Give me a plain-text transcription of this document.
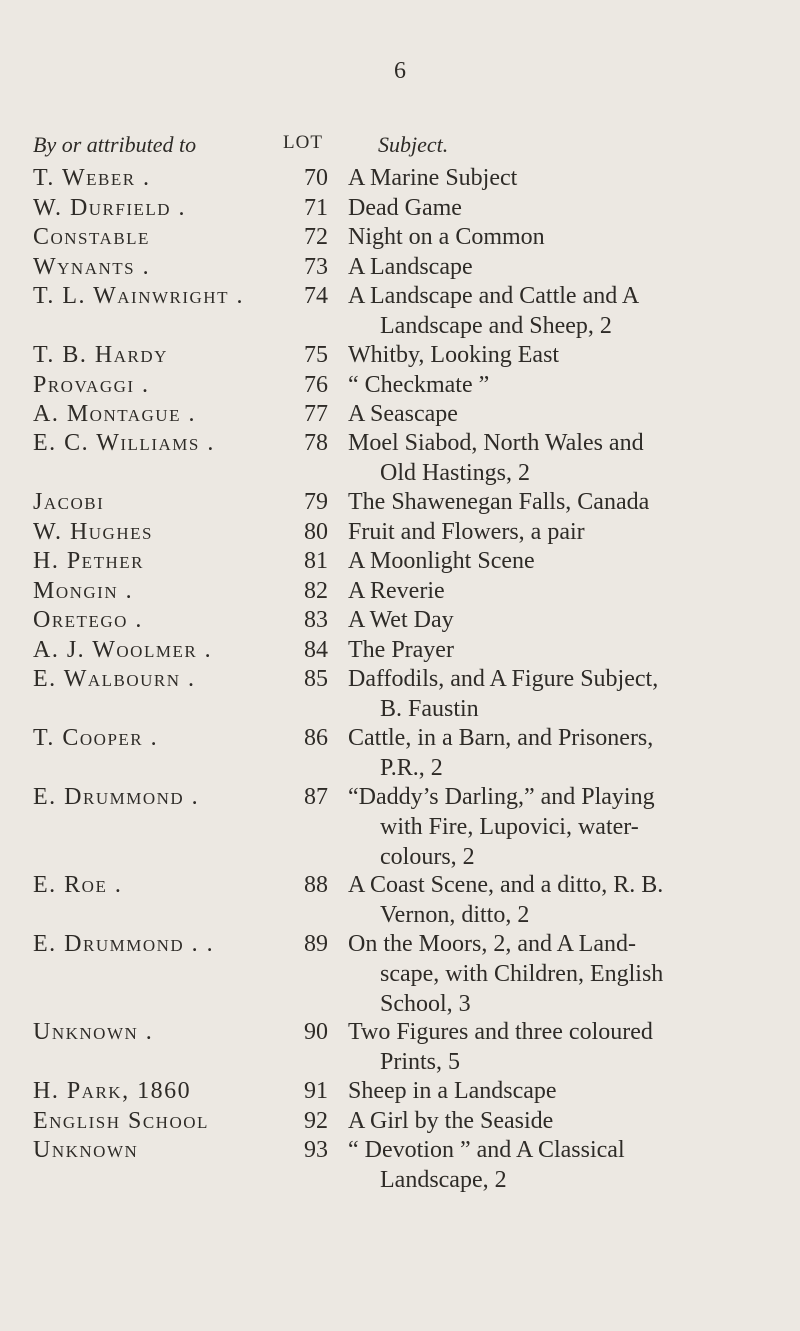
6
By or attributed to	LOT	Subject.
T. Weber .	70 A Marine Subject
W. Durfield .	71 Dead Game
Constable	72 Night on a Common
Wynants .	73 A Landscape
T. L. Wainwright .	74 A Landscape and Cattle and A
Landscape and Sheep, 2
T. B. Hardy	75 Whitby, Looking East
Provaggi .	76 “ Checkmate ”
A. Montague .	77 A Seascape
E. C. Williams .	78 Moel Siabod, North Wales and
Old Hastings, 2
Jacobi	79 The Shawenegan Falls, Canada
W. Hughes	80 Fruit and Flowers, a pair
H. Pether	81 A Moonlight Scene
Mongin .	82 A Reverie
Oretego .	83 A Wet Day
A. J. Woolmer .	84 The Prayer
E. Walbourn .	85 Daffodils, and A Figure Subject,
B. Faustin
T. Cooper .	86 Cattle, in a Barn, and Prisoners,
P.R., 2
E. Drummond .	87 “Daddy’s Darling,” and Playing
with Fire, Lupovici, water-
colours, 2
E. Roe .	88 A Coast Scene, and a ditto, R. B.
Vernon, ditto, 2
E. Drummond . .	89 On the Moors, 2, and A Land-
scape, with Children, English
School, 3
Unknown .	90 Two Figures and three coloured
Prints, 5
H. Park, 1860	91 Sheep in a Landscape
English School	92 A Girl by the Seaside
Unknown	93 “ Devotion ” and A Classical
Landscape, 2
